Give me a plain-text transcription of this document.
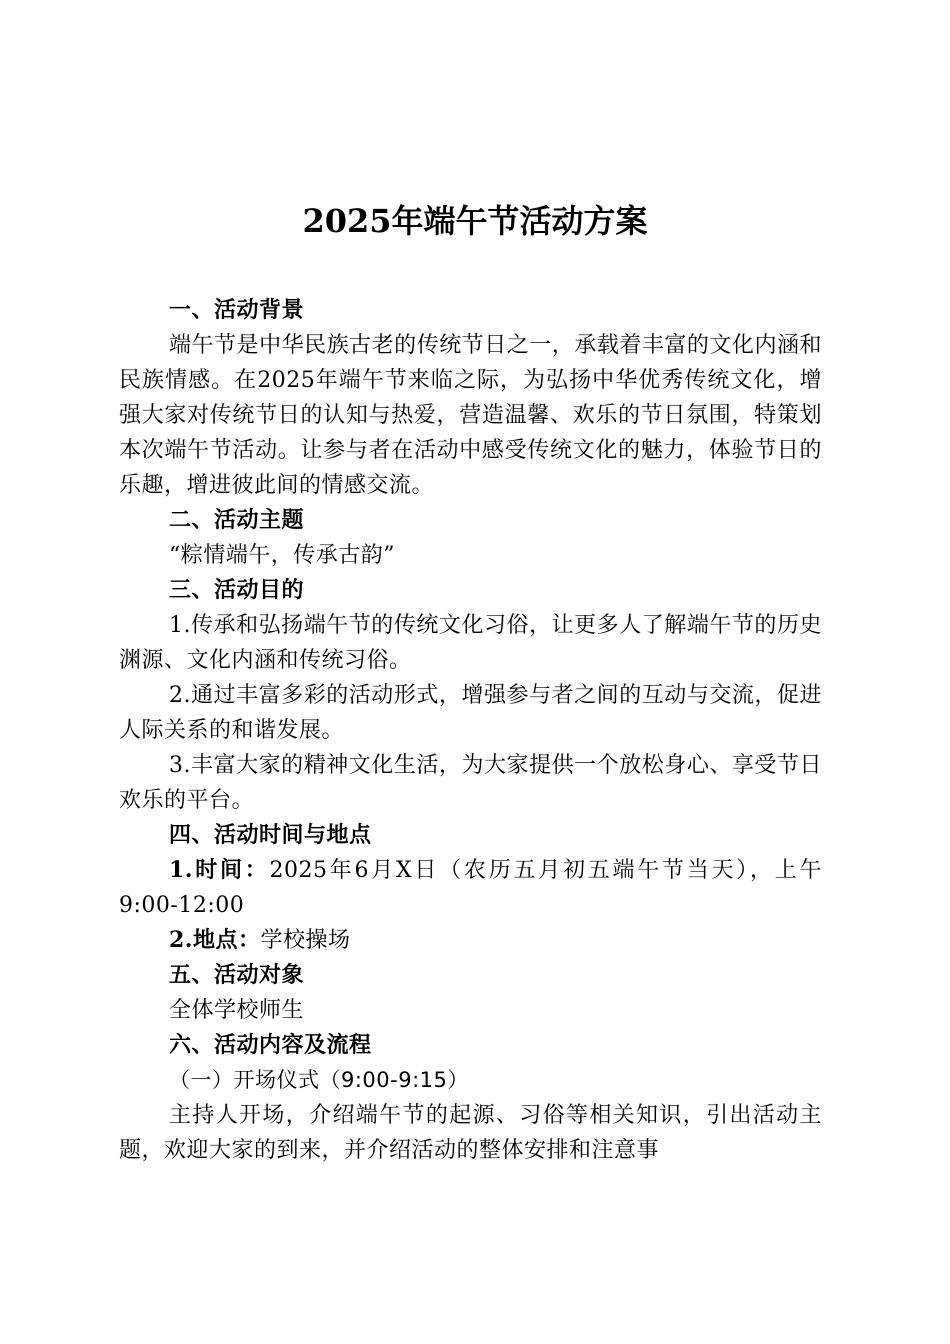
2025年端午节活动方案

一、活动背景

端午节是中华民族古老的传统节日之一，承载着丰富的文化内涵和民族情感。在2025年端午节来临之际，为弘扬中华优秀传统文化，增强大家对传统节日的认知与热爱，营造温馨、欢乐的节日氛围，特策划本次端午节活动。让参与者在活动中感受传统文化的魅力，体验节日的乐趣，增进彼此间的情感交流。

二、活动主题

“粽情端午，传承古韵”

三、活动目的

1.传承和弘扬端午节的传统文化习俗，让更多人了解端午节的历史渊源、文化内涵和传统习俗。

2.通过丰富多彩的活动形式，增强参与者之间的互动与交流，促进人际关系的和谐发展。

3.丰富大家的精神文化生活，为大家提供一个放松身心、享受节日欢乐的平台。

四、活动时间与地点

1.时间：2025年6月X日（农历五月初五端午节当天），上午9:00-12:00

2.地点：学校操场

五、活动对象

全体学校师生

六、活动内容及流程

（一）开场仪式（9:00-9:15）

主持人开场，介绍端午节的起源、习俗等相关知识，引出活动主题，欢迎大家的到来，并介绍活动的整体安排和注意事
